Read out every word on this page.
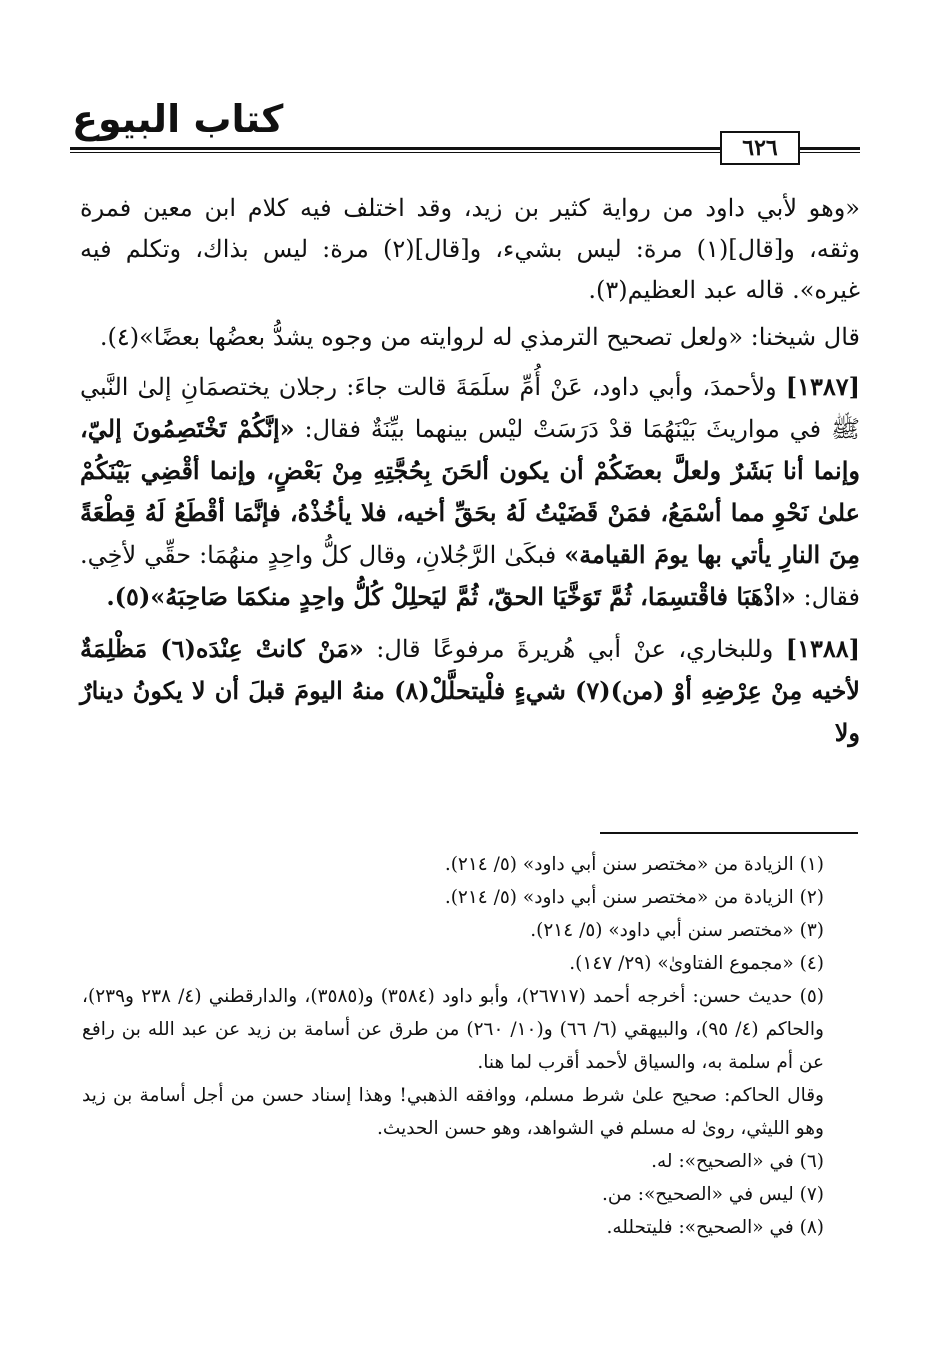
كتاب البيوع
٦٢٦

«وهو لأبي داود من رواية كثير بن زيد، وقد اختلف فيه كلام ابن معين فمرة وثقه، و[قال](١) مرة: ليس بشيء، و[قال](٢) مرة: ليس بذاك، وتكلم فيه غيره». قاله عبد العظيم(٣).

قال شيخنا: «ولعل تصحيح الترمذي له لروايته من وجوه يشدُّ بعضُها بعضًا»(٤).

[١٣٨٧] ولأحمدَ، وأبي داود، عَنْ أُمِّ سلَمَةَ قالت جاءَ: رجلان يختصمَانِ إلىٰ النَّبي ﷺ في مواريثَ بَيْنَهُمَا قدْ دَرَسَتْ ليْس بينهما بيِّنَةٌ فقال: «إنَّكُمْ تَخْتَصِمُونَ إليّ، وإنما أنا بَشَرٌ ولعلَّ بعضَكُمْ أن يكون ألحَنَ بِحُجَّتِهِ مِنْ بَعْضٍ، وإنما أقْضِي بَيْنَكُمْ علىٰ نَحْوِ مما أسْمَعُ، فمَنْ قَضَيْتُ لَهُ بحَقِّ أخيه، فلا يأخُذْهُ، فإنَّمَا أقْطَعُ لَهُ قِطْعَةً مِنَ النارِ يأتي بها يومَ القيامة» فبكَىٰ الرَّجُلانِ، وقال كلُّ واحِدٍ منهُمَا: حقِّي لأخِي. فقال: «اذْهَبَا فاقْتسِمَا، ثُمَّ تَوَخَّيَا الحقّ، ثُمَّ ليَحلِلْ كُلُّ واحِدٍ منكمَا صَاحِبَهُ»(٥).

[١٣٨٨] وللبخاري، عنْ أبي هُريرةَ مرفوعًا قال: «مَنْ كانتْ عِنْدَه(٦) مَظْلِمَةٌ لأخيه مِنْ عِرْضِهِ أوْ (من)(٧) شيءٍ فلْيتحلَّلْ(٨) منهُ اليومَ قبلَ أن لا يكونُ دينارٌ ولا

(١) الزيادة من «مختصر سنن أبي داود» (٥/ ٢١٤).

(٢) الزيادة من «مختصر سنن أبي داود» (٥/ ٢١٤).

(٣) «مختصر سنن أبي داود» (٥/ ٢١٤).

(٤) «مجموع الفتاوىٰ» (٢٩/ ١٤٧).

(٥) حديث حسن: أخرجه أحمد (٢٦٧١٧)، وأبو داود (٣٥٨٤) و(٣٥٨٥)، والدارقطني (٤/ ٢٣٨ و٢٣٩)، والحاكم (٤/ ٩٥)، والبيهقي (٦/ ٦٦) و(١٠/ ٢٦٠) من طرق عن أسامة بن زيد عن عبد الله بن رافع عن أم سلمة به، والسياق لأحمد أقرب لما هنا.

وقال الحاكم: صحيح علىٰ شرط مسلم، ووافقه الذهبي! وهذا إسناد حسن من أجل أسامة بن زيد وهو الليثي، روىٰ له مسلم في الشواهد، وهو حسن الحديث.

(٦) في «الصحيح»: له.

(٧) ليس في «الصحيح»: من.

(٨) في «الصحيح»: فليتحلله.
